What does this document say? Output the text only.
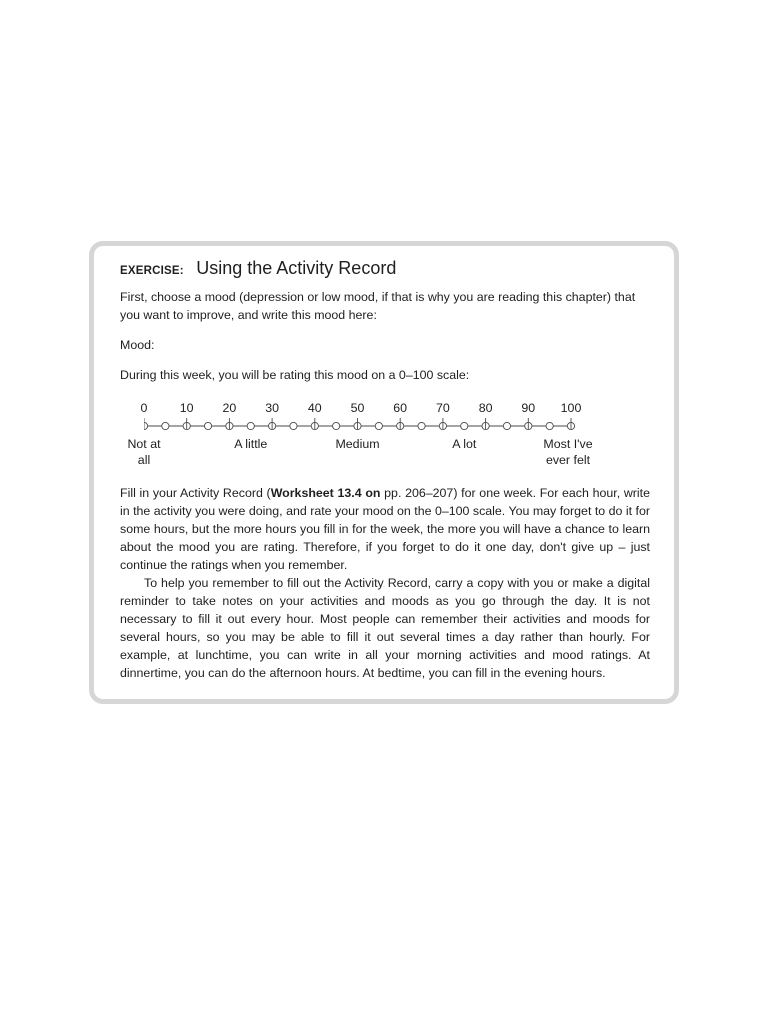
EXERCISE: Using the Activity Record

First, choose a mood (depression or low mood, if that is why you are reading this chapter) that you want to improve, and write this mood here:

Mood:

During this week, you will be rating this mood on a 0–100 scale:

0	10 20 30 40 50 60 70 80 90 100
Not at
all
A little	Medium	A lot	Most I've
ever felt

Fill in your Activity Record (Worksheet 13.4 on pp. 206–207) for one week. For each hour, write in the activity you were doing, and rate your mood on the 0–100 scale. You may forget to do it for some hours, but the more hours you fill in for the week, the more you will have a chance to learn about the mood you are rating. Therefore, if you forget to do it one day, don't give up – just continue the ratings when you remember.

To help you remember to fill out the Activity Record, carry a copy with you or make a digital reminder to take notes on your activities and moods as you go through the day. It is not necessary to fill it out every hour. Most people can remember their activities and moods for several hours, so you may be able to fill it out several times a day rather than hourly. For example, at lunchtime, you can write in all your morning activities and mood ratings. At dinnertime, you can do the afternoon hours. At bedtime, you can fill in the evening hours.
